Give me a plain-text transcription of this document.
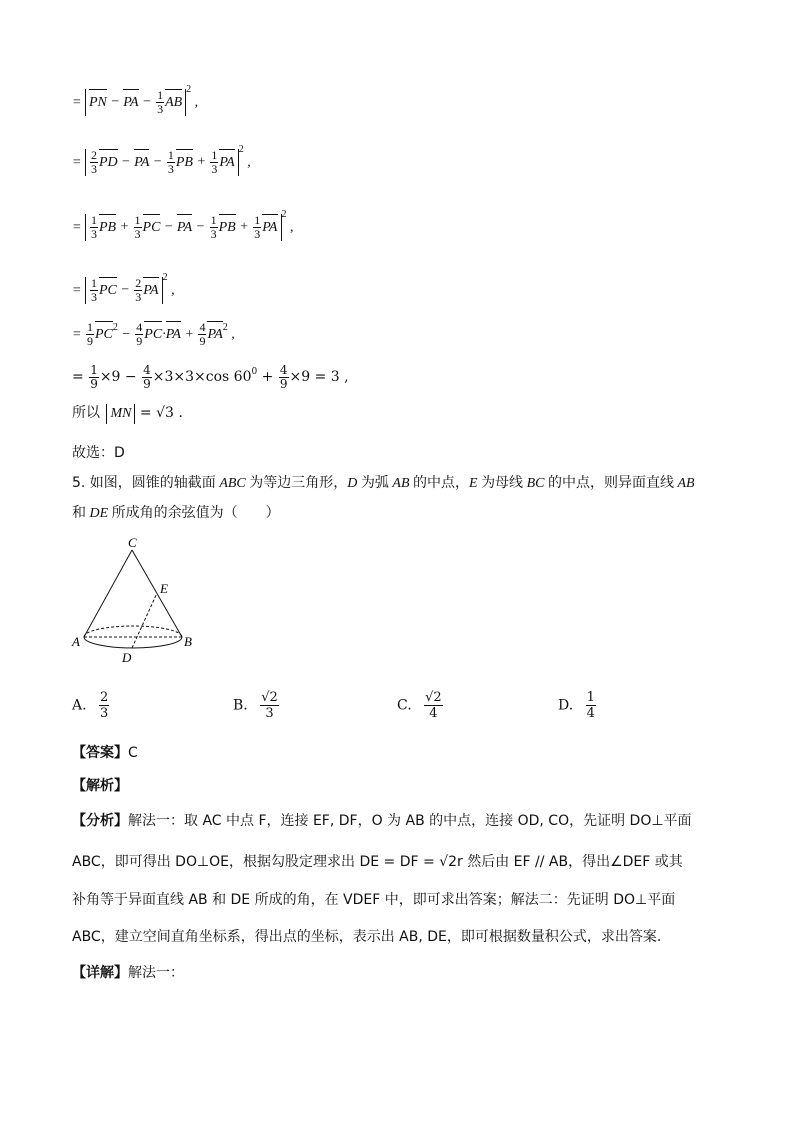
= PN − PA − $\frac{1}{3} AB^2$ ,
= $\frac{2}{3}$ PD − PA − $\frac{1}{3}$ PB + $\frac{1}{3} PA^2$ ,
= $\frac{1}{3}$ PB + $\frac{1}{3}$ PC − PA − $\frac{1}{3}$ PB + $\frac{1}{3} PA^2$ ,
= $\frac{1}{3}$ PC − $\frac{2}{3} PA^2$ ,
= $\frac{1}{9} PC^2 - \frac{4}{9} PC\cdot PA + \frac{4}{9} PA^2$ ,
= $\frac{1}{9} \times 9 - \frac{4}{9} \times 3\times 3\times\cos$ $60^0 + \frac{4}{9} \times 9 = 3$ ,
所以 MN = √3 .
故选：D
5. 如图，圆锥的轴截面 ABC 为等边三角形，D 为弧 AB 的中点，E 为母线 BC 的中点，则异面直线 AB
和 DE 所成角的余弦值为（　　）
C
E
A	B
D
A. $\frac{2}{3}$	B. $\frac{√2}{3}$	C. $\frac{√2}{4}$	D. $\frac{1}{4}$
【答案】C
【解析】
【分析】解法一：取 AC 中点 F，连接 EF, DF，O 为 AB 的中点，连接 OD, CO，先证明 DO⊥平面
ABC，即可得出 DO⊥OE，根据勾股定理求出 DE = DF = √2r 然后由 EF // AB，得出∠DEF 或其
补角等于异面直线 AB 和 DE 所成的角，在 VDEF 中，即可求出答案；解法二：先证明 DO⊥平面
ABC，建立空间直角坐标系，得出点的坐标，表示出 AB, DE，即可根据数量积公式，求出答案.
【详解】解法一：
